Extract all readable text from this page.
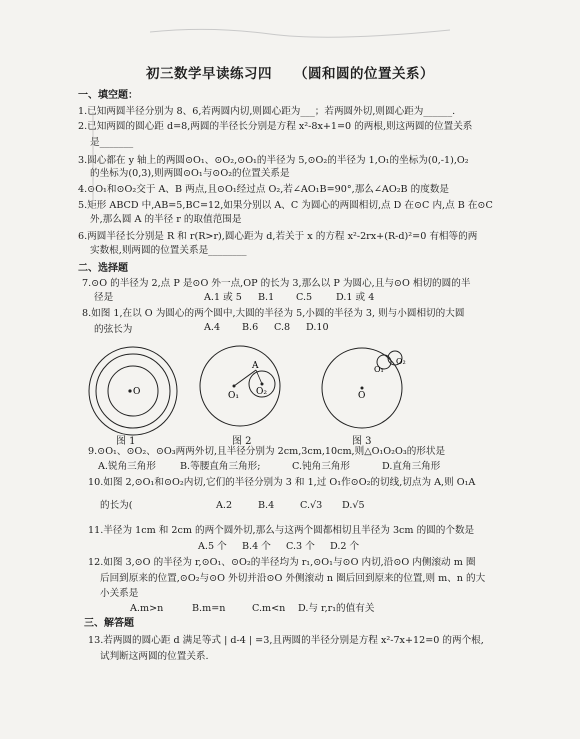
初三数学早读练习四 （圆和圆的位置关系）
一、填空题：
1.已知两圆半径分别为 8、6,若两圆内切,则圆心距为___；若两圆外切,则圆心距为______.
2.已知两圆的圆心距 d=8,两圆的半径长分别是方程 x²-8x+1=0 的两根,则这两圆的位置关系
是_______
3.圆心都在 y 轴上的两圆⊙O₁、⊙O₂,⊙O₁的半径为 5,⊙O₂的半径为 1,O₁的坐标为(0,-1),O₂
的坐标为(0,3),则两圆⊙O₁与⊙O₂的位置关系是
4.⊙O₁和⊙O₂交于 A、B 两点,且⊙O₁经过点 O₂,若∠AO₁B=90°,那么∠AO₂B 的度数是
5.矩形 ABCD 中,AB=5,BC=12,如果分别以 A、C 为圆心的两圆相切,点 D 在⊙C 内,点 B 在⊙C
外,那么圆 A 的半径 r 的取值范围是
6.两圆半径长分别是 R 和 r(R>r),圆心距为 d,若关于 x 的方程 x²-2rx+(R-d)²=0 有相等的两
实数根,则两圆的位置关系是________
二、选择题
7.⊙O 的半径为 2,点 P 是⊙O 外一点,OP 的长为 3,那么以 P 为圆心,且与⊙O 相切的圆的半
径是	A.1 或 5 B.1 C.5 D.1 或 4
8.如图 1,在以 O 为圆心的两个圆中,大圆的半径为 5,小圆的半径为 3, 则与小圆相切的大圆
的弦长为	A.4 B.6 C.8 D.10
O
A
O₁ O₂	O
O₁
O₂
图 1	图 2	图 3
9.⊙O₁、⊙O₂、⊙O₃两两外切,且半径分别为 2cm,3cm,10cm,则△O₁O₂O₃的形状是
A.锐角三角形	B.等腰直角三角形;	C.钝角三角形	D.直角三角形
10.如图 2,⊙O₁和⊙O₂内切,它们的半径分别为 3 和 1,过 O₁作⊙O₂的切线,切点为 A,则 O₁A
的长为(	A.2	B.4	C.√3 D.√5
11.半径为 1cm 和 2cm 的两个圆外切,那么与这两个圆都相切且半径为 3cm 的圆的个数是
A.5 个 B.4 个 C.3 个 D.2 个
12.如图 3,⊙O 的半径为 r,⊙O₁、⊙O₂的半径均为 r₁,⊙O₁与⊙O 内切,沿⊙O 内侧滚动 m 圈
后回到原来的位置,⊙O₂与⊙O 外切并沿⊙O 外侧滚动 n 圈后回到原来的位置,则 m、n 的大
小关系是
A.m>n	B.m=n	C.m<n D.与 r,r₁的值有关
三、解答题
13.若两圆的圆心距 d 满足等式 | d-4 | =3,且两圆的半径分别是方程 x²-7x+12=0 的两个根,
试判断这两圆的位置关系.
